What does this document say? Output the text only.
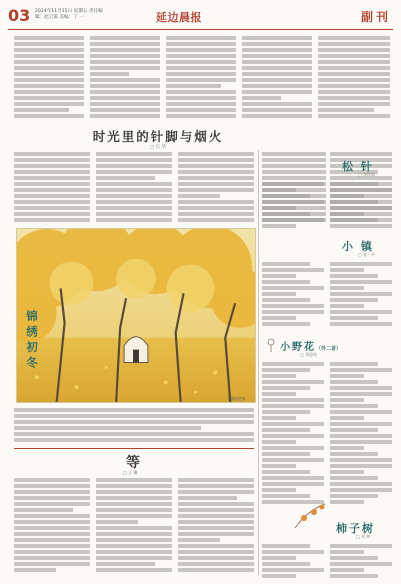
03 2024年11月15日 星期五 责任编辑：赵云霞 美编：丁 一	延边晨报	副刊
时光里的针脚与烟火
□ 长 华
摄影/赵泉
锦绣初冬
松 针
□ 李铁皋
小 镇
□ 张一平
小野花（外二首）
□ 刘思彤
柿子树
□ 刘 婷
等
□ 王 馨
